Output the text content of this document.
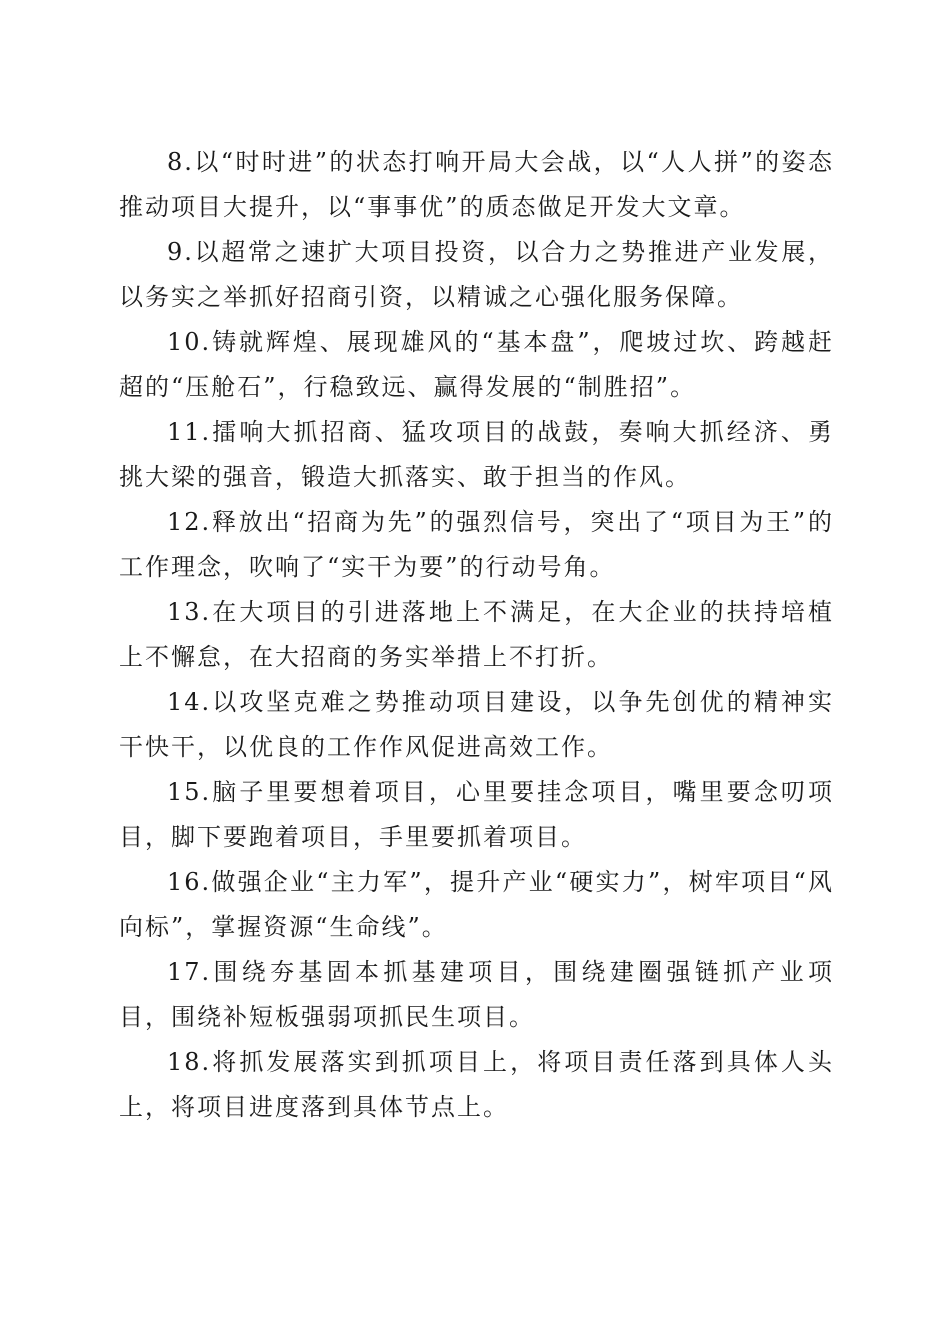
8.以“时时进”的状态打响开局大会战，以“人人拼”的姿态推动项目大提升，以“事事优”的质态做足开发大文章。

9.以超常之速扩大项目投资，以合力之势推进产业发展，以务实之举抓好招商引资，以精诚之心强化服务保障。

10.铸就辉煌、展现雄风的“基本盘”，爬坡过坎、跨越赶超的“压舱石”，行稳致远、赢得发展的“制胜招”。

11.擂响大抓招商、猛攻项目的战鼓，奏响大抓经济、勇挑大梁的强音，锻造大抓落实、敢于担当的作风。

12.释放出“招商为先”的强烈信号，突出了“项目为王”的工作理念，吹响了“实干为要”的行动号角。

13.在大项目的引进落地上不满足，在大企业的扶持培植上不懈怠，在大招商的务实举措上不打折。

14.以攻坚克难之势推动项目建设，以争先创优的精神实干快干，以优良的工作作风促进高效工作。

15.脑子里要想着项目，心里要挂念项目，嘴里要念叨项目，脚下要跑着项目，手里要抓着项目。

16.做强企业“主力军”，提升产业“硬实力”，树牢项目“风向标”，掌握资源“生命线”。

17.围绕夯基固本抓基建项目，围绕建圈强链抓产业项目，围绕补短板强弱项抓民生项目。

18.将抓发展落实到抓项目上，将项目责任落到具体人头上，将项目进度落到具体节点上。
